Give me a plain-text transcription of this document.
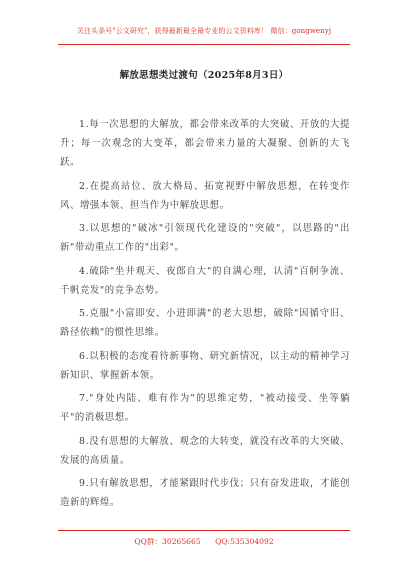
关注头条号"公文研究"，获得最新最全最专业的公文资料库！ 微信：gongwenyj
解放思想类过渡句（2025年8月3日）

1.每一次思想的大解放，都会带来改革的大突破、开放的大提升；每一次观念的大变革，都会带来力量的大凝聚、创新的大飞跃。

2.在提高站位、放大格局、拓宽视野中解放思想，在转变作风、增强本领、担当作为中解放思想。

3.以思想的"破冰"引领现代化建设的"突破"，以思路的"出新"带动重点工作的"出彩"。

4.破除"坐井观天、夜郎自大"的自满心理，认清"百舸争流、千帆竞发"的竞争态势。

5.克服"小富即安、小进即满"的老大思想，破除"因循守旧、路径依赖"的惯性思维。

6.以积极的态度看待新事物、研究新情况，以主动的精神学习新知识、掌握新本领。

7."身处内陆、难有作为"的思维定势，"被动接受、坐等躺平"的消极思想。

8.没有思想的大解放、观念的大转变，就没有改革的大突破、发展的高质量。

9.只有解放思想，才能紧跟时代步伐；只有奋发进取，才能创造新的辉煌。

QQ群：30265665 QQ:535304092
